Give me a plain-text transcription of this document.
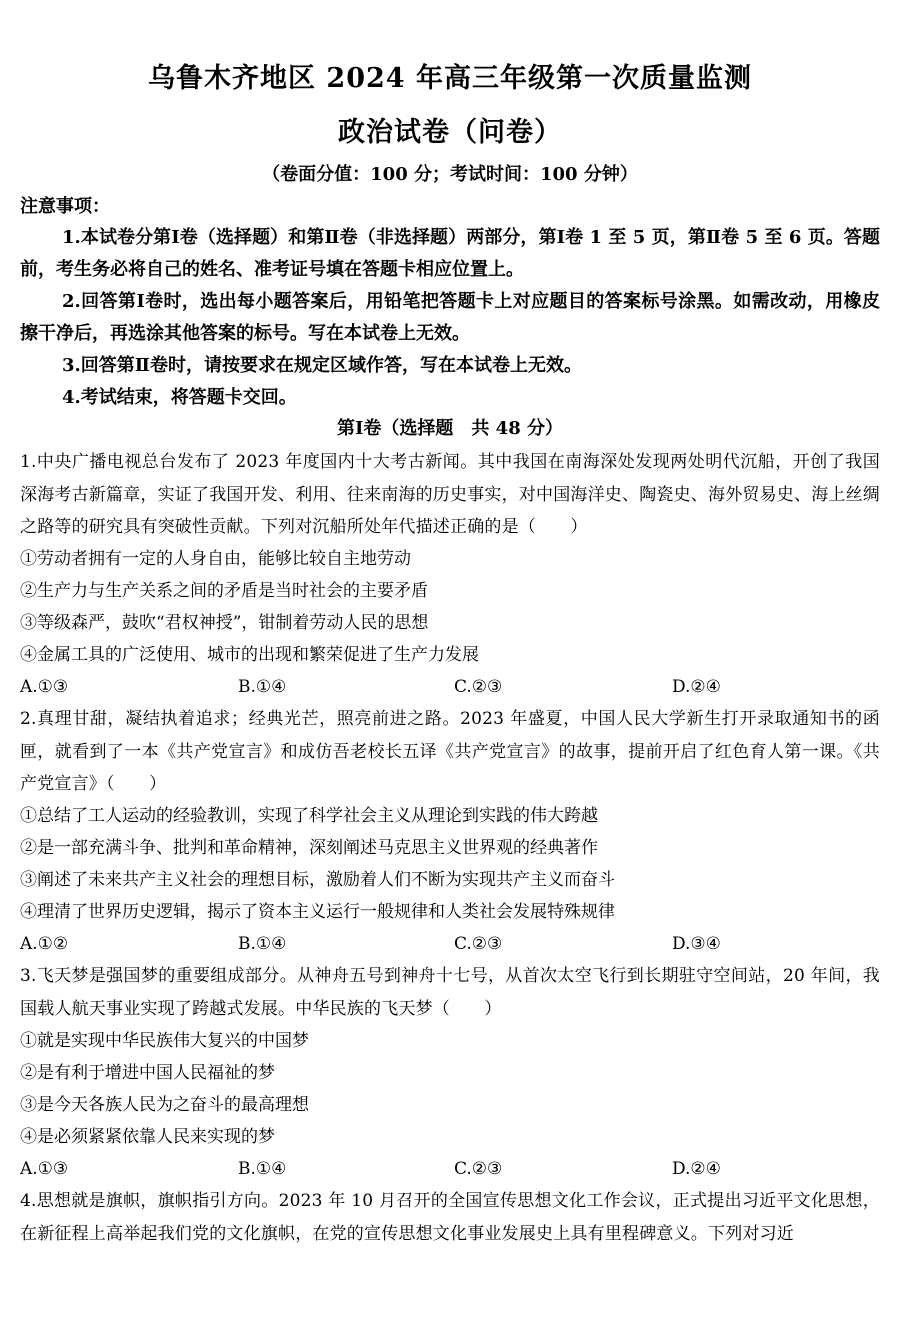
乌鲁木齐地区 2024 年高三年级第一次质量监测
政治试卷（问卷）
（卷面分值：100 分；考试时间：100 分钟）
注意事项：
1.本试卷分第Ⅰ卷（选择题）和第Ⅱ卷（非选择题）两部分，第Ⅰ卷 1 至 5 页，第Ⅱ卷 5 至 6 页。答题前，考生务必将自己的姓名、准考证号填在答题卡相应位置上。
2.回答第Ⅰ卷时，选出每小题答案后，用铅笔把答题卡上对应题目的答案标号涂黑。如需改动，用橡皮擦干净后，再选涂其他答案的标号。写在本试卷上无效。
3.回答第Ⅱ卷时，请按要求在规定区域作答，写在本试卷上无效。
4.考试结束，将答题卡交回。
第Ⅰ卷（选择题　共 48 分）
1.中央广播电视总台发布了 2023 年度国内十大考古新闻。其中我国在南海深处发现两处明代沉船，开创了我国深海考古新篇章，实证了我国开发、利用、往来南海的历史事实，对中国海洋史、陶瓷史、海外贸易史、海上丝绸之路等的研究具有突破性贡献。下列对沉船所处年代描述正确的是（　　）
①劳动者拥有一定的人身自由，能够比较自主地劳动
②生产力与生产关系之间的矛盾是当时社会的主要矛盾
③等级森严，鼓吹“君权神授”，钳制着劳动人民的思想
④金属工具的广泛使用、城市的出现和繁荣促进了生产力发展
A.①③	B.①④	C.②③	D.②④
2.真理甘甜，凝结执着追求；经典光芒，照亮前进之路。2023 年盛夏，中国人民大学新生打开录取通知书的函匣，就看到了一本《共产党宣言》和成仿吾老校长五译《共产党宣言》的故事，提前开启了红色育人第一课。《共产党宣言》（　　）
①总结了工人运动的经验教训，实现了科学社会主义从理论到实践的伟大跨越
②是一部充满斗争、批判和革命精神，深刻阐述马克思主义世界观的经典著作
③阐述了未来共产主义社会的理想目标，激励着人们不断为实现共产主义而奋斗
④理清了世界历史逻辑，揭示了资本主义运行一般规律和人类社会发展特殊规律
A.①②	B.①④	C.②③	D.③④
3.飞天梦是强国梦的重要组成部分。从神舟五号到神舟十七号，从首次太空飞行到长期驻守空间站，20 年间，我国载人航天事业实现了跨越式发展。中华民族的飞天梦（　　）
①就是实现中华民族伟大复兴的中国梦
②是有利于增进中国人民福祉的梦
③是今天各族人民为之奋斗的最高理想
④是必须紧紧依靠人民来实现的梦
A.①③	B.①④	C.②③	D.②④
4.思想就是旗帜，旗帜指引方向。2023 年 10 月召开的全国宣传思想文化工作会议，正式提出习近平文化思想，在新征程上高举起我们党的文化旗帜，在党的宣传思想文化事业发展史上具有里程碑意义。下列对习近
